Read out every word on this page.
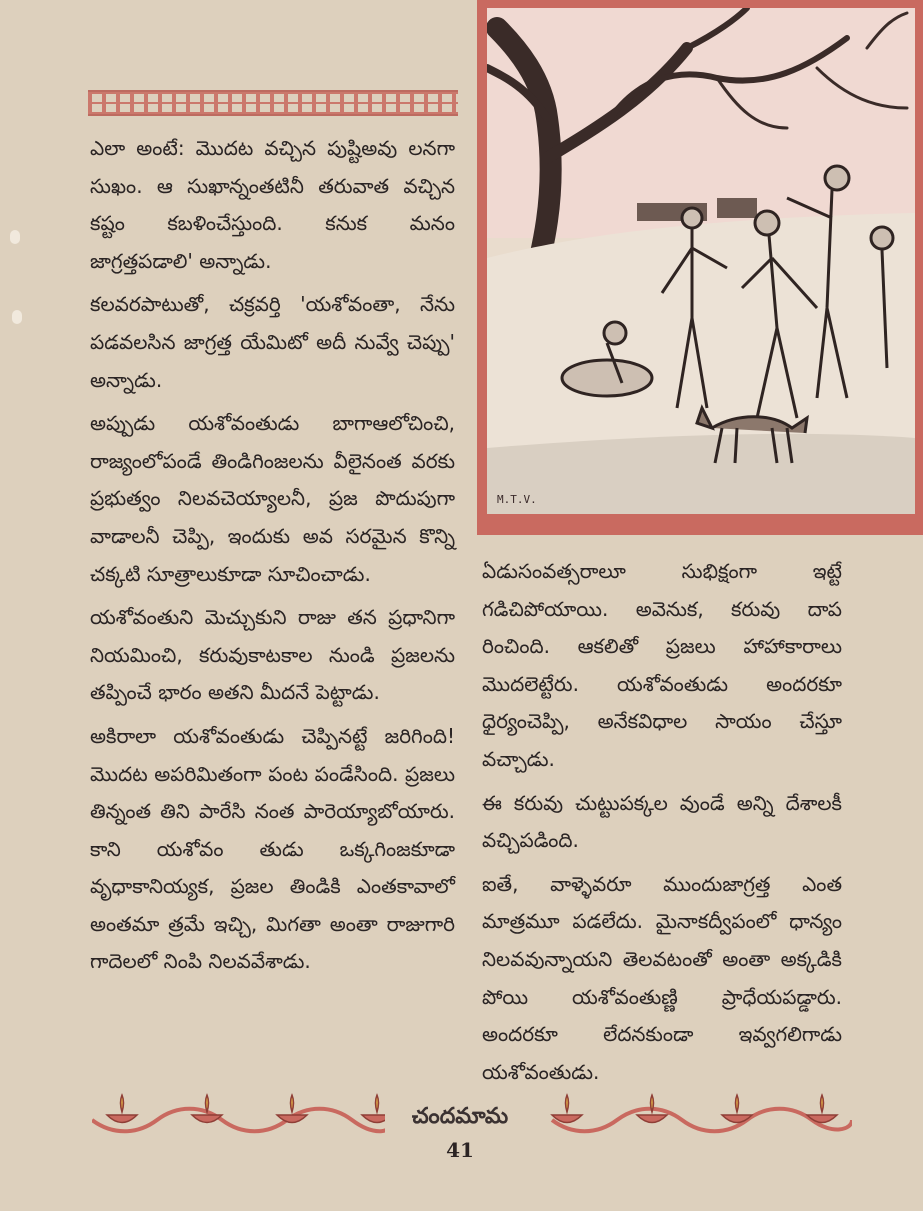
ఎలా అంటే: మొదట వచ్చిన పుష్టిఅవు లనగా సుఖం. ఆ సుఖాన్నంతటినీ తరువాత వచ్చిన కష్టం కబళించేస్తుంది. కనుక మనం జాగ్రత్తపడాలి' అన్నాడు.

కలవరపాటుతో, చక్రవర్తి 'యశోవంతా, నేను పడవలసిన జాగ్రత్త యేమిటో అదీ నువ్వే చెప్పు' అన్నాడు.

అప్పుడు యశోవంతుడు బాగాఆలోచించి, రాజ్యంలోపండే తిండిగింజలను వీలైనంత వరకు ప్రభుత్వం నిలవచెయ్యాలనీ, ప్రజ పొదుపుగా వాడాలనీ చెప్పి, ఇందుకు అవ సరమైన కొన్ని చక్కటి సూత్రాలుకూడా సూచించాడు.

యశోవంతుని మెచ్చుకుని రాజు తన ప్రధానిగా నియమించి, కరువుకాటకాల నుండి ప్రజలను తప్పించే భారం అతని మీదనే పెట్టాడు.

అకిరాలా యశోవంతుడు చెప్పినట్టే జరిగింది! మొదట అపరిమితంగా పంట పండేసింది. ప్రజలు తిన్నంత తిని పారేసి నంత పారెయ్యాబోయారు. కాని యశోవం తుడు ఒక్కగింజకూడా వృధాకానియ్యక, ప్రజల తిండికి ఎంతకావాలో అంతమా త్రమే ఇచ్చి, మిగతా అంతా రాజుగారి గాదెలలో నింపి నిలవవేశాడు.

M.T.V.

ఏడుసంవత్సరాలూ సుభిక్షంగా ఇట్టే గడిచిపోయాయి. అవెనుక, కరువు దాప రించింది. ఆకలితో ప్రజలు హాహాకారాలు మొదలెట్టేరు. యశోవంతుడు అందరకూ ధైర్యంచెప్పి, అనేకవిధాల సాయం చేస్తూ వచ్చాడు.

ఈ కరువు చుట్టుపక్కల వుండే అన్ని దేశాలకీ వచ్చిపడింది.

ఐతే, వాళ్ళెవరూ ముందుజాగ్రత్త ఎంత మాత్రమూ పడలేదు. మైనాకద్వీపంలో ధాన్యం నిలవవున్నాయని తెలవటంతో అంతా అక్కడికి పోయి యశోవంతుణ్ణి ప్రాధేయపడ్డారు. అందరకూ లేదనకుండా ఇవ్వగలిగాడు యశోవంతుడు.

చందమామ
41
